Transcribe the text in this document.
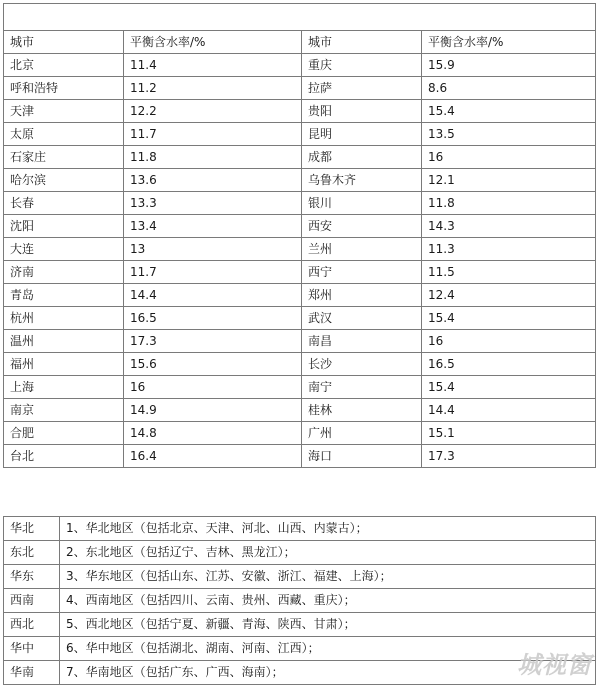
城市	平衡含水率/%	城市	平衡含水率/%
北京	11.4	重庆	15.9
呼和浩特	11.2	拉萨	8.6
天津	12.2	贵阳	15.4
太原	11.7	昆明	13.5
石家庄	11.8	成都	16
哈尔滨	13.6	乌鲁木齐	12.1
长春	13.3	银川	11.8
沈阳	13.4	西安	14.3
大连	13	兰州	11.3
济南	11.7	西宁	11.5
青岛	14.4	郑州	12.4
杭州	16.5	武汉	15.4
温州	17.3	南昌	16
福州	15.6	长沙	16.5
上海	16	南宁	15.4
南京	14.9	桂林	14.4
合肥	14.8	广州	15.1
台北	16.4	海口	17.3
华北	1、华北地区（包括北京、天津、河北、山西、内蒙古）；
东北	2、东北地区（包括辽宁、吉林、黑龙江）；
华东	3、华东地区（包括山东、江苏、安徽、浙江、福建、上海）；
西南	4、西南地区（包括四川、云南、贵州、西藏、重庆）；
西北	5、西北地区（包括宁夏、新疆、青海、陕西、甘肃）；
华中	6、华中地区（包括湖北、湖南、河南、江西）；
华南	7、华南地区（包括广东、广西、海南）；	城视窗
